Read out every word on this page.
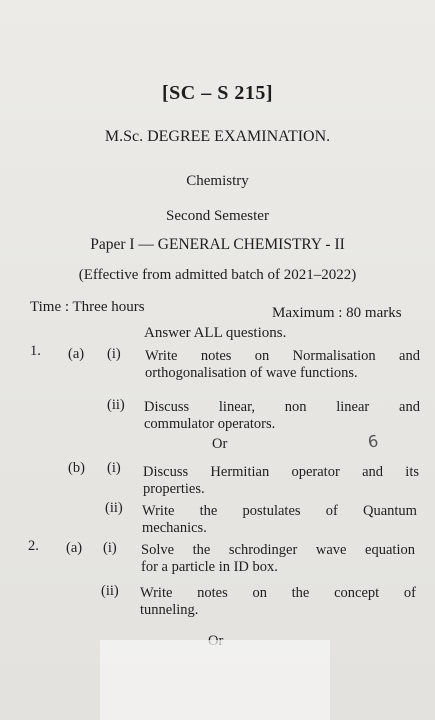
[SC – S 215]
M.Sc. DEGREE EXAMINATION.
Chemistry
Second Semester
Paper I — GENERAL CHEMISTRY - II
(Effective from admitted batch of 2021–2022)
Time : Three hours	Maximum : 80 marks
Answer ALL questions.
1. (a) (i) Write notes on Normalisation and
orthogonalisation of wave functions.
(ii) Discuss linear, non linear and
commulator operators.
Or	6
(b) (i) Discuss Hermitian operator and its
properties.
(ii) Write the postulates of Quantum
mechanics.
2. (a) (i) Solve the schrodinger wave equation
for a particle in ID box.
(ii) Write notes on the concept of
tunneling.
